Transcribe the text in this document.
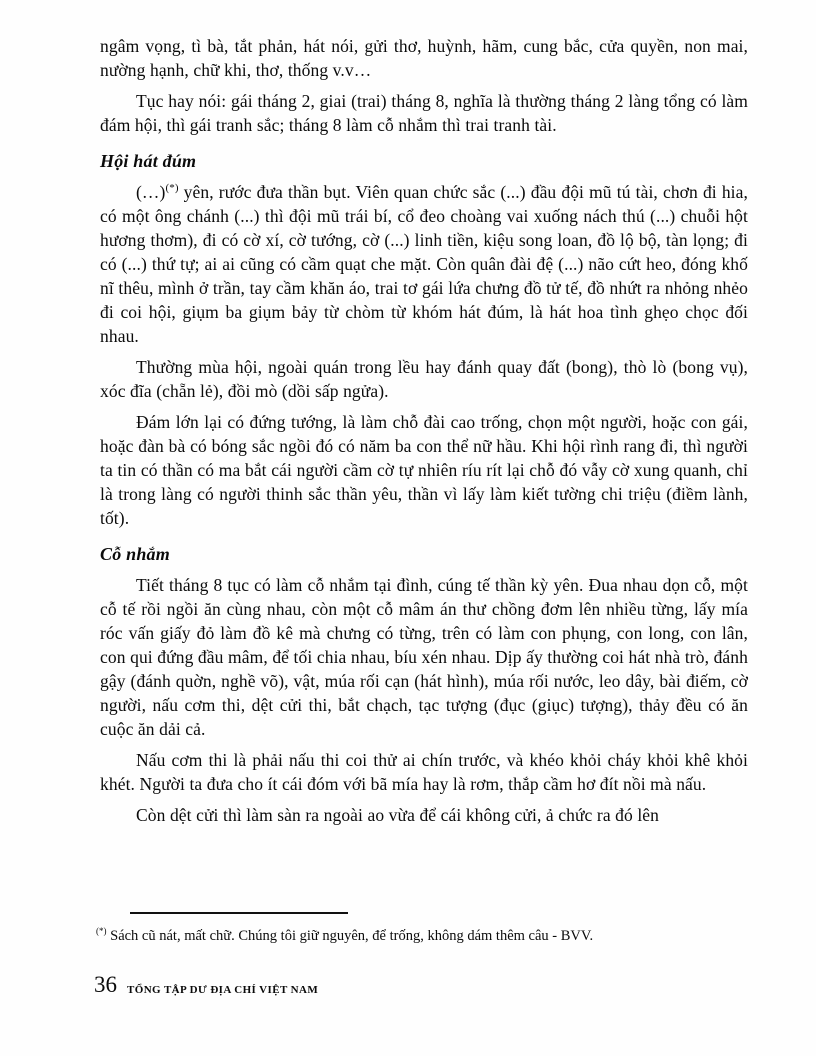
ngâm vọng, tì bà, tắt phản, hát nói, gửi thơ, huỳnh, hãm, cung bắc, cửa quyền, non mai, nường hạnh, chữ khi, thơ, thống v.v…

Tục hay nói: gái tháng 2, giai (trai) tháng 8, nghĩa là thường tháng 2 làng tổng có làm đám hội, thì gái tranh sắc; tháng 8 làm cỗ nhắm thì trai tranh tài.

Hội hát đúm

(…)(*) yên, rước đưa thần bụt. Viên quan chức sắc (...) đầu đội mũ tú tài, chơn đi hia, có một ông chánh (...) thì đội mũ trái bí, cổ đeo choàng vai xuống nách thú (...) chuỗi hột hương thơm), đi có cờ xí, cờ tướng, cờ (...) linh tiền, kiệu song loan, đồ lộ bộ, tàn lọng; đi có (...) thứ tự; ai ai cũng có cầm quạt che mặt. Còn quân đài đệ (...) não cứt heo, đóng khố nĩ thêu, mình ở trần, tay cầm khăn áo, trai tơ gái lứa chưng đồ tử tế, đồ nhứt ra nhỏng nhẻo đi coi hội, giụm ba giụm bảy từ chòm từ khóm hát đúm, là hát hoa tình ghẹo chọc đối nhau.

Thường mùa hội, ngoài quán trong lều hay đánh quay đất (bong), thò lò (bong vụ), xóc đĩa (chẵn lẻ), đồi mò (dồi sấp ngửa).

Đám lớn lại có đứng tướng, là làm chỗ đài cao trống, chọn một người, hoặc con gái, hoặc đàn bà có bóng sắc ngồi đó có năm ba con thể nữ hầu. Khi hội rình rang đi, thì người ta tin có thần có ma bắt cái người cầm cờ tự nhiên ríu rít lại chỗ đó vẫy cờ xung quanh, chỉ là trong làng có người thinh sắc thần yêu, thần vì lấy làm kiết tường chi triệu (điềm lành, tốt).

Cỗ nhắm

Tiết tháng 8 tục có làm cỗ nhắm tại đình, cúng tế thần kỳ yên. Đua nhau dọn cỗ, một cỗ tế rồi ngồi ăn cùng nhau, còn một cỗ mâm án thư chồng đơm lên nhiều từng, lấy mía róc vấn giấy đỏ làm đồ kê mà chưng có từng, trên có làm con phụng, con long, con lân, con qui đứng đầu mâm, để tối chia nhau, bíu xén nhau. Dịp ấy thường coi hát nhà trò, đánh gậy (đánh quờn, nghề võ), vật, múa rối cạn (hát hình), múa rối nước, leo dây, bài điếm, cờ người, nấu cơm thi, dệt cửi thi, bắt chạch, tạc tượng (đục (giục) tượng), thảy đều có ăn cuộc ăn dải cả.

Nấu cơm thi là phải nấu thi coi thử ai chín trước, và khéo khỏi cháy khỏi khê khỏi khét. Người ta đưa cho ít cái đóm với bã mía hay là rơm, thắp cầm hơ đít nồi mà nấu.

Còn dệt cửi thì làm sàn ra ngoài ao vừa để cái không cửi, ả chức ra đó lên

(*) Sách cũ nát, mất chữ. Chúng tôi giữ nguyên, để trống, không dám thêm câu - BVV.

36 TỔNG TẬP DƯ ĐỊA CHÍ VIỆT NAM
